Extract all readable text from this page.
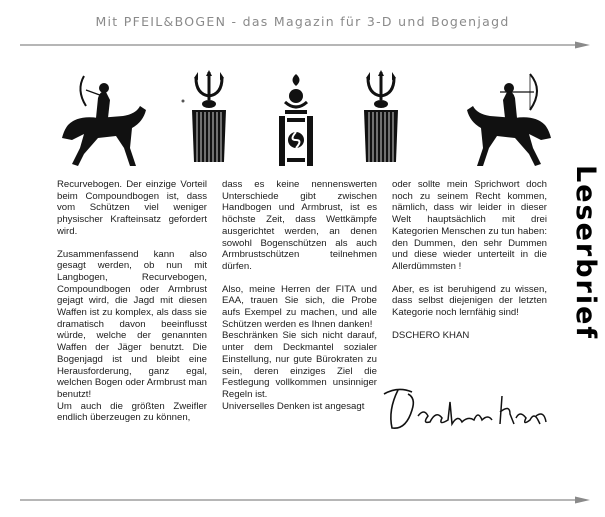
Mit PFEIL&BOGEN - das Magazin für 3-D und Bogenjagd

Recurvebogen. Der einzige Vorteil beim Compoundbogen ist, dass vom Schützen viel weniger physischer Krafteinsatz gefordert wird.

Zusammenfassend kann also gesagt werden, ob nun mit Langbogen, Recurvebogen, Compoundbogen oder Armbrust gejagt wird, die Jagd mit diesen Waffen ist zu komplex, als dass sie dramatisch davon beeinflusst würde, welche der genannten Waffen der Jäger benutzt. Die Bogenjagd ist und bleibt eine Herausforderung, ganz egal, welchen Bogen oder Armbrust man benutzt!

Um auch die größten Zweifler endlich überzeugen zu können,

dass es keine nennenswerten Unterschiede gibt zwischen Handbogen und Armbrust, ist es höchste Zeit, dass Wettkämpfe ausgerichtet werden, an denen sowohl Bogenschützen als auch Armbrustschützen teilnehmen dürfen.

Also, meine Herren der FITA und EAA, trauen Sie sich, die Probe aufs Exempel zu machen, und alle Schützen werden es Ihnen danken!

Beschränken Sie sich nicht darauf, unter dem Deckmantel sozialer Einstellung, nur gute Bürokraten zu sein, deren einziges Ziel die Festlegung vollkommen unsinniger Regeln ist.

Universelles Denken ist angesagt

oder sollte mein Sprichwort doch noch zu seinem Recht kommen, nämlich, dass wir leider in dieser Welt hauptsächlich mit drei Kategorien Menschen zu tun haben: den Dummen, den sehr Dummen und diese wieder unterteilt in die Allerdümmsten !

Aber, es ist beruhigend zu wissen, dass selbst diejenigen der letzten Kategorie noch lernfähig sind!

DSCHERO KHAN	Leserbrief
